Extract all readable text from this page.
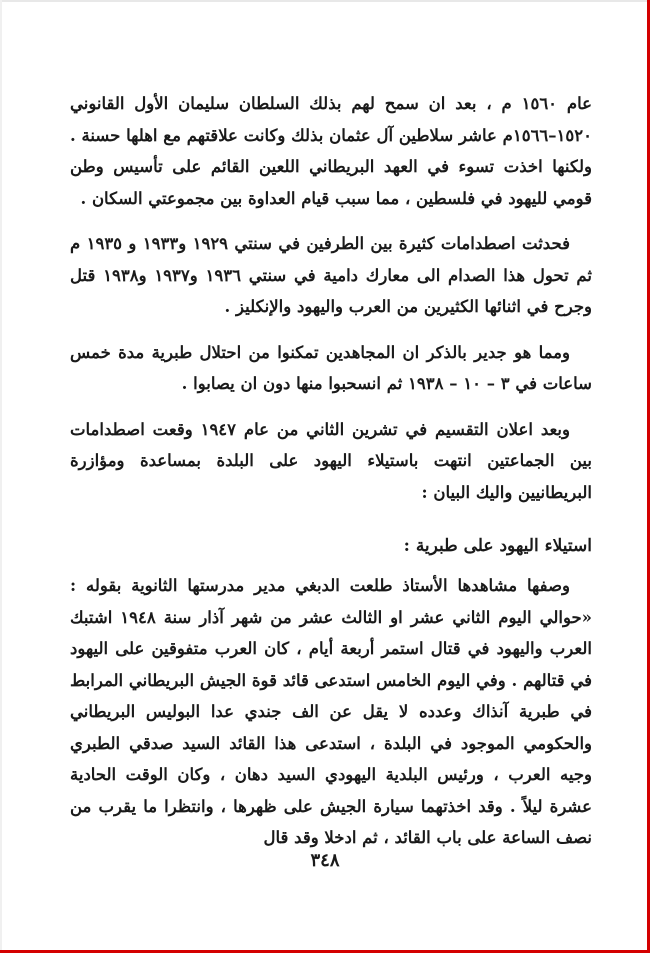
عام ١٥٦٠ م ، بعد ان سمح لهم بذلك السلطان سليمان الأول القانوني ١٥٢٠–١٥٦٦م عاشر سلاطين آل عثمان بذلك وكانت علاقتهم مع اهلها حسنة . ولكنها اخذت تسوء في العهد البريطاني اللعين القائم على تأسيس وطن قومي لليهود في فلسطين ، مما سبب قيام العداوة بين مجموعتي السكان .

فحدثت اصطدامات كثيرة بين الطرفين في سنتي ١٩٢٩ و١٩٣٣ و ١٩٣٥ م ثم تحول هذا الصدام الى معارك دامية في سنتي ١٩٣٦ و١٩٣٧ و١٩٣٨ قتل وجرح في اثنائها الكثيرين من العرب واليهود والإنكليز .

ومما هو جدير بالذكر ان المجاهدين تمكنوا من احتلال طبرية مدة خمس ساعات في ٣ – ١٠ – ١٩٣٨ ثم انسحبوا منها دون ان يصابوا .

وبعد اعلان التقسيم في تشرين الثاني من عام ١٩٤٧ وقعت اصطدامات بين الجماعتين انتهت باستيلاء اليهود على البلدة بمساعدة ومؤازرة البريطانيين واليك البيان :

استيلاء اليهود على طبرية :

وصفها مشاهدها الأستاذ طلعت الدبغي مدير مدرستها الثانوية بقوله : «حوالي اليوم الثاني عشر او الثالث عشر من شهر آذار سنة ١٩٤٨ اشتبك العرب واليهود في قتال استمر أربعة أيام ، كان العرب متفوقين على اليهود في قتالهم . وفي اليوم الخامس استدعى قائد قوة الجيش البريطاني المرابط في طبرية آنذاك وعدده لا يقل عن الف جندي عدا البوليس البريطاني والحكومي الموجود في البلدة ، استدعى هذا القائد السيد صدقي الطبري وجيه العرب ، ورئيس البلدية اليهودي السيد دهان ، وكان الوقت الحادية عشرة ليلاً . وقد اخذتهما سيارة الجيش على ظهرها ، وانتظرا ما يقرب من نصف الساعة على باب القائد ، ثم ادخلا وقد قال

٣٤٨
